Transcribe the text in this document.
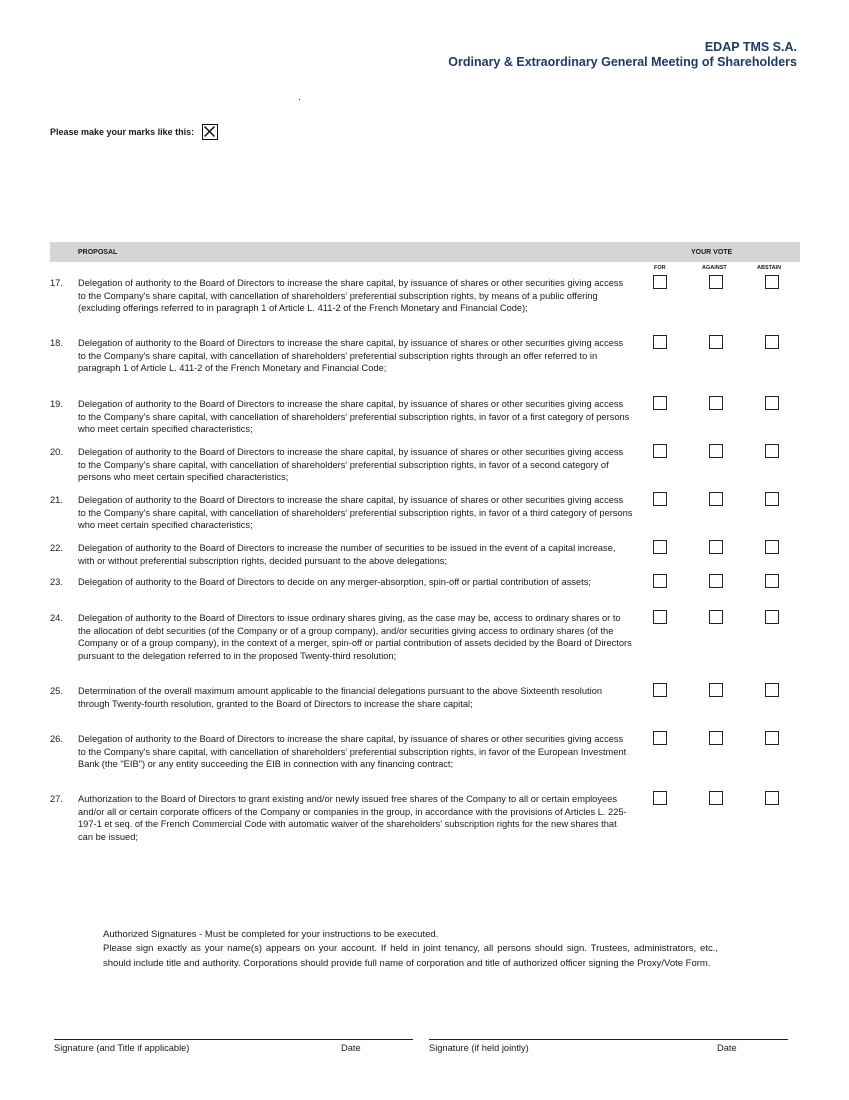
EDAP TMS S.A.
Ordinary & Extraordinary General Meeting of Shareholders
Please make your marks like this:
PROPOSAL	YOUR VOTE
FOR	AGAINST	ABSTAIN
17. Delegation of authority to the Board of Directors to increase the share capital, by issuance of shares or other securities giving access to the Company's share capital, with cancellation of shareholders' preferential subscription rights, by means of a public offering (excluding offerings referred to in paragraph 1 of Article L. 411-2 of the French Monetary and Financial Code);
18. Delegation of authority to the Board of Directors to increase the share capital, by issuance of shares or other securities giving access to the Company's share capital, with cancellation of shareholders' preferential subscription rights through an offer referred to in paragraph 1 of Article L. 411-2 of the French Monetary and Financial Code;
19. Delegation of authority to the Board of Directors to increase the share capital, by issuance of shares or other securities giving access to the Company's share capital, with cancellation of shareholders' preferential subscription rights, in favor of a first category of persons who meet certain specified characteristics;
20. Delegation of authority to the Board of Directors to increase the share capital, by issuance of shares or other securities giving access to the Company's share capital, with cancellation of shareholders' preferential subscription rights, in favor of a second category of persons who meet certain specified characteristics;
21. Delegation of authority to the Board of Directors to increase the share capital, by issuance of shares or other securities giving access to the Company's share capital, with cancellation of shareholders' preferential subscription rights, in favor of a third category of persons who meet certain specified characteristics;
22. Delegation of authority to the Board of Directors to increase the number of securities to be issued in the event of a capital increase, with or without preferential subscription rights, decided pursuant to the above delegations;
23. Delegation of authority to the Board of Directors to decide on any merger-absorption, spin-off or partial contribution of assets;
24. Delegation of authority to the Board of Directors to issue ordinary shares giving, as the case may be, access to ordinary shares or to the allocation of debt securities (of the Company or of a group company), and/or securities giving access to ordinary shares (of the Company or of a group company), in the context of a merger, spin-off or partial contribution of assets decided by the Board of Directors pursuant to the delegation referred to in the proposed Twenty-third resolution;
25. Determination of the overall maximum amount applicable to the financial delegations pursuant to the above Sixteenth resolution through Twenty-fourth resolution, granted to the Board of Directors to increase the share capital;
26. Delegation of authority to the Board of Directors to increase the share capital, by issuance of shares or other securities giving access to the Company's share capital, with cancellation of shareholders' preferential subscription rights, in favor of the European Investment Bank (the "EIB") or any entity succeeding the EIB in connection with any financing contract;
27. Authorization to the Board of Directors to grant existing and/or newly issued free shares of the Company to all or certain employees and/or all or certain corporate officers of the Company or companies in the group, in accordance with the provisions of Articles L. 225-197-1 et seq. of the French Commercial Code with automatic waiver of the shareholders' subscription rights for the new shares that can be issued;
Authorized Signatures - Must be completed for your instructions to be executed.
Please sign exactly as your name(s) appears on your account. If held in joint tenancy, all persons should sign. Trustees, administrators, etc., should include title and authority. Corporations should provide full name of corporation and title of authorized officer signing the Proxy/Vote Form.
Signature (and Title if applicable)	Date	Signature (if held jointly)	Date
